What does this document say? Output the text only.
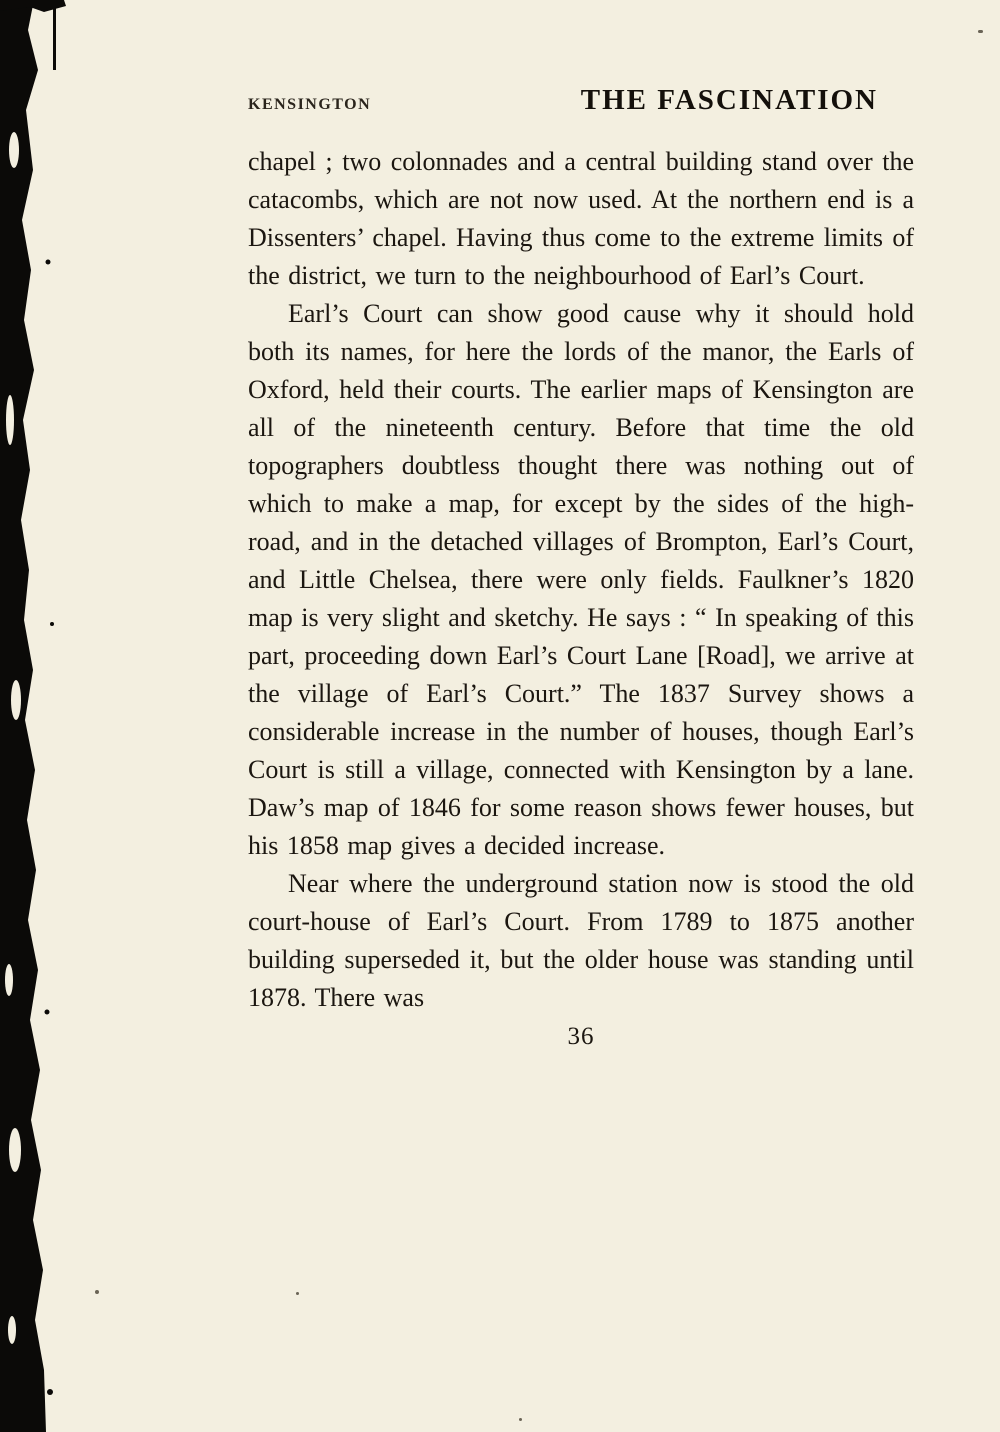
KENSINGTON	THE FASCINATION

chapel ; two colonnades and a central building stand over the catacombs, which are not now used. At the northern end is a Dissenters’ chapel. Having thus come to the extreme limits of the district, we turn to the neighbourhood of Earl’s Court.

Earl’s Court can show good cause why it should hold both its names, for here the lords of the manor, the Earls of Oxford, held their courts. The earlier maps of Kensington are all of the nineteenth century. Before that time the old topographers doubtless thought there was nothing out of which to make a map, for except by the sides of the high-road, and in the detached villages of Brompton, Earl’s Court, and Little Chelsea, there were only fields. Faulkner’s 1820 map is very slight and sketchy. He says : “ In speaking of this part, proceeding down Earl’s Court Lane [Road], we arrive at the village of Earl’s Court.” The 1837 Survey shows a considerable increase in the number of houses, though Earl’s Court is still a village, connected with Kensington by a lane. Daw’s map of 1846 for some reason shows fewer houses, but his 1858 map gives a decided increase.

Near where the underground station now is stood the old court-house of Earl’s Court. From 1789 to 1875 another building superseded it, but the older house was standing until 1878. There was

36
